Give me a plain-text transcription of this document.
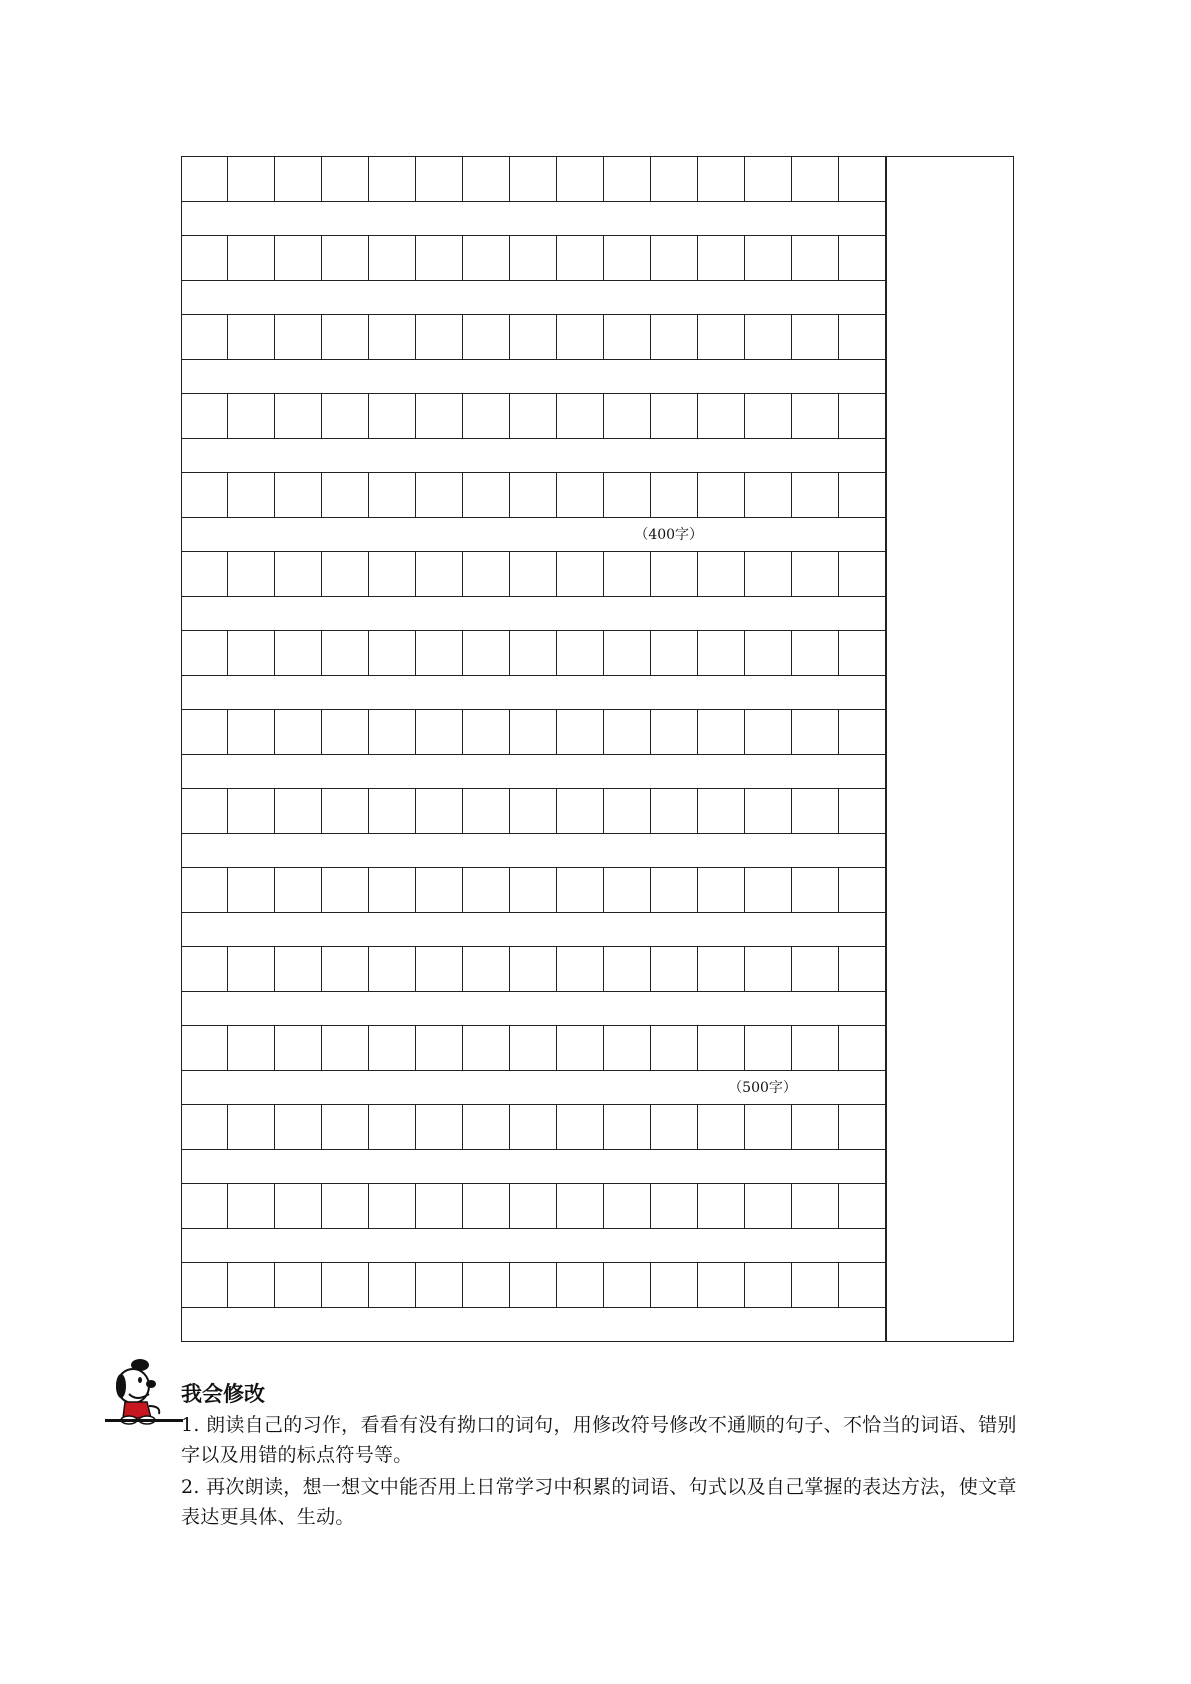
（400字）
（500字）
我会修改
1. 朗读自己的习作，看看有没有拗口的词句，用修改符号修改不通顺的句子、不恰当的词语、错别字以及用错的标点符号等。
2. 再次朗读，想一想文中能否用上日常学习中积累的词语、句式以及自己掌握的表达方法，使文章表达更具体、生动。
